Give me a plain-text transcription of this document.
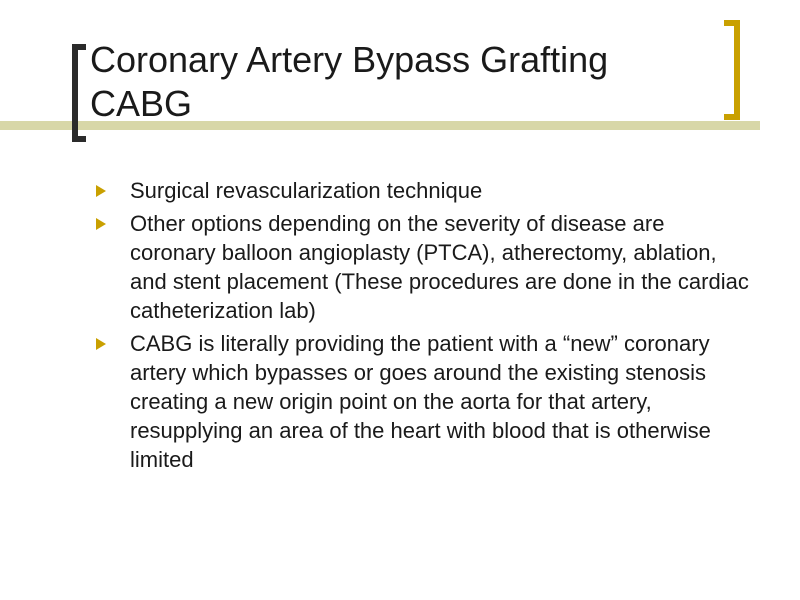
Coronary Artery Bypass Grafting
CABG
Surgical revascularization technique
Other options depending on the severity of disease are coronary balloon angioplasty (PTCA), atherectomy, ablation, and stent placement (These procedures are done in the cardiac catheterization lab)
CABG is literally providing the patient with a “new” coronary artery which bypasses or goes around the existing stenosis creating a new origin point on the aorta for that artery, resupplying an area of the heart with blood that is otherwise limited
